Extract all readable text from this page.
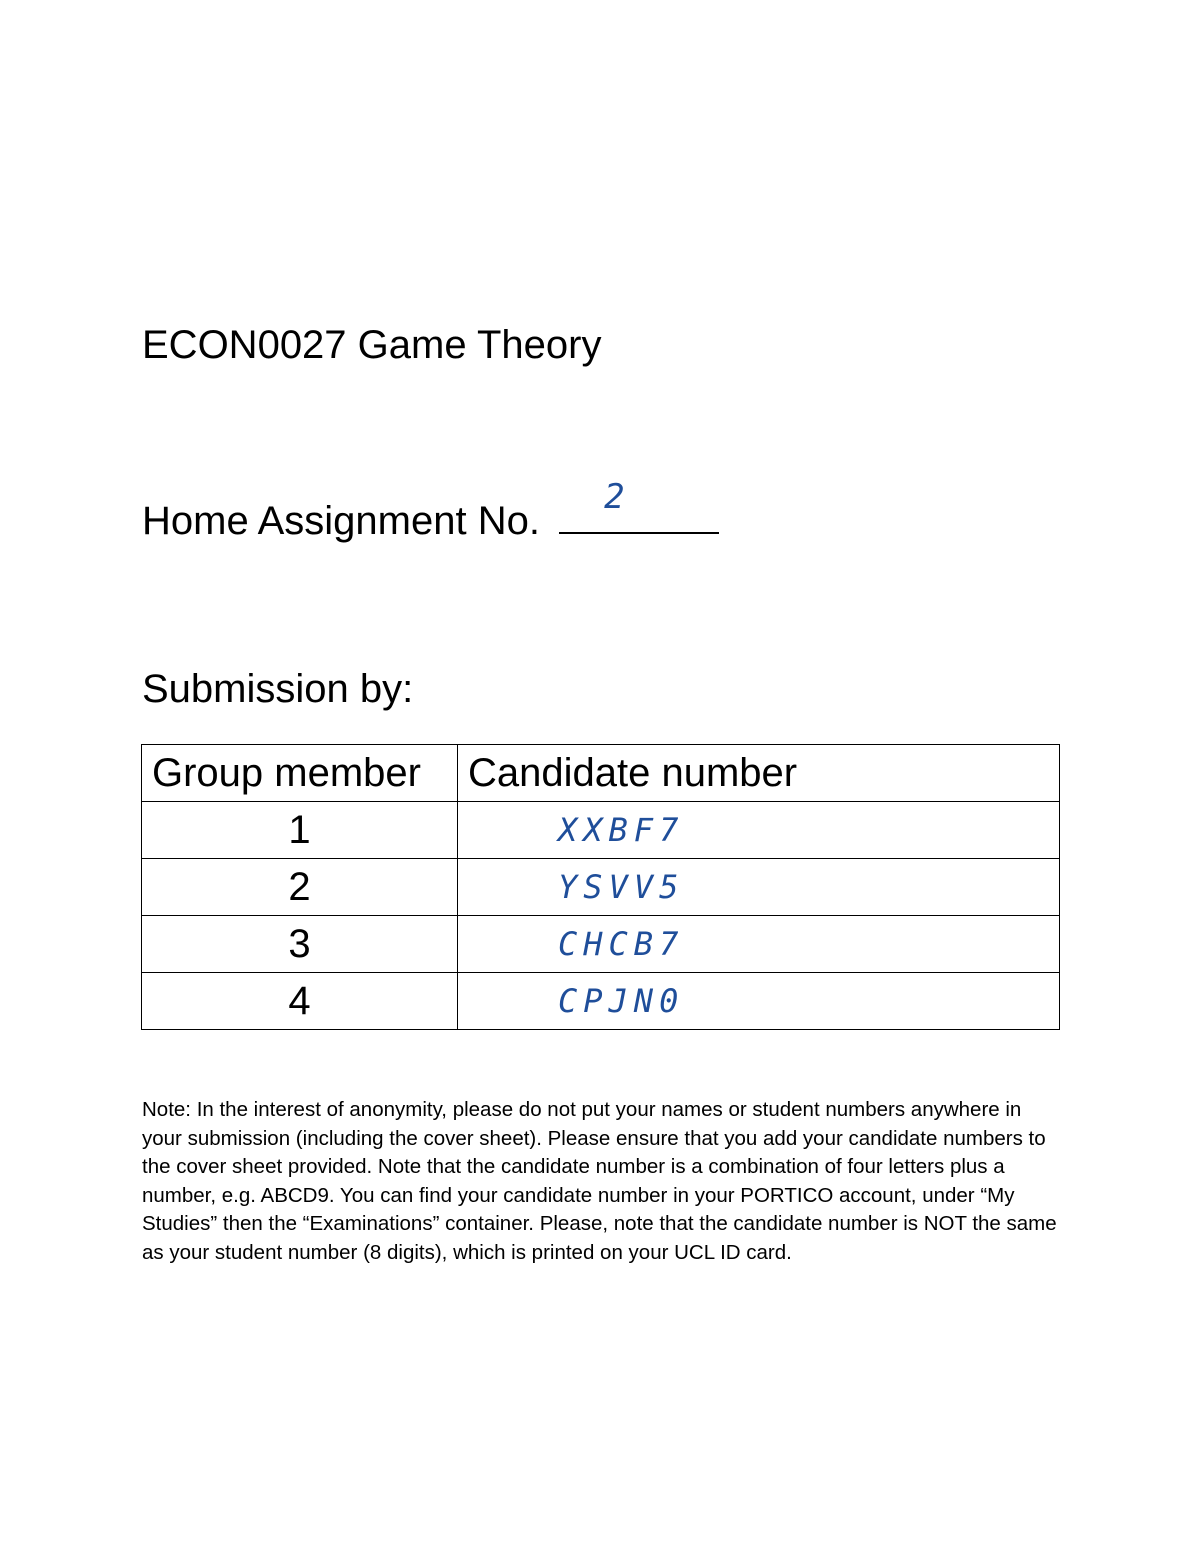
ECON0027 Game Theory
Home Assignment No.
2
Submission by:
Group member	Candidate number
1	XXBF7
2	YSVV5
3	CHCB7
4	CPJN0
Note: In the interest of anonymity, please do not put your names or student numbers anywhere in your submission (including the cover sheet). Please ensure that you add your candidate numbers to the cover sheet provided. Note that the candidate number is a combination of four letters plus a number, e.g. ABCD9. You can find your candidate number in your PORTICO account, under “My Studies” then the “Examinations” container. Please, note that the candidate number is NOT the same as your student number (8 digits), which is printed on your UCL ID card.
